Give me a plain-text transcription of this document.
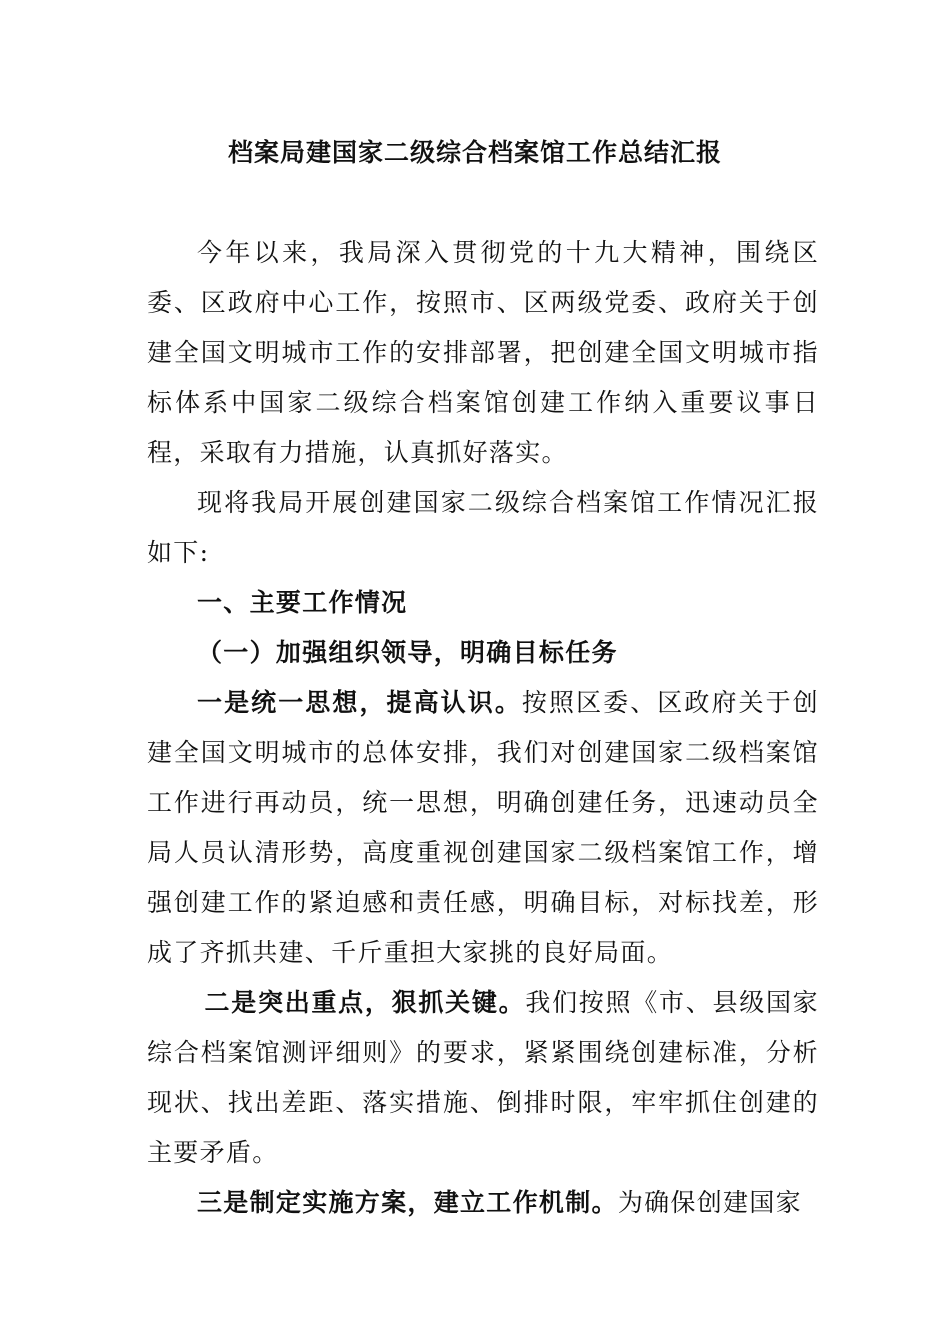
档案局建国家二级综合档案馆工作总结汇报

今年以来，我局深入贯彻党的十九大精神，围绕区委、区政府中心工作，按照市、区两级党委、政府关于创建全国文明城市工作的安排部署，把创建全国文明城市指标体系中国家二级综合档案馆创建工作纳入重要议事日程，采取有力措施，认真抓好落实。

现将我局开展创建国家二级综合档案馆工作情况汇报如下:

一、主要工作情况

（一）加强组织领导，明确目标任务

一是统一思想，提高认识。按照区委、区政府关于创建全国文明城市的总体安排，我们对创建国家二级档案馆工作进行再动员，统一思想，明确创建任务，迅速动员全局人员认清形势，高度重视创建国家二级档案馆工作，增强创建工作的紧迫感和责任感，明确目标，对标找差，形成了齐抓共建、千斤重担大家挑的良好局面。

二是突出重点，狠抓关键。我们按照《市、县级国家综合档案馆测评细则》的要求，紧紧围绕创建标准，分析现状、找出差距、落实措施、倒排时限，牢牢抓住创建的主要矛盾。

三是制定实施方案，建立工作机制。为确保创建国家
